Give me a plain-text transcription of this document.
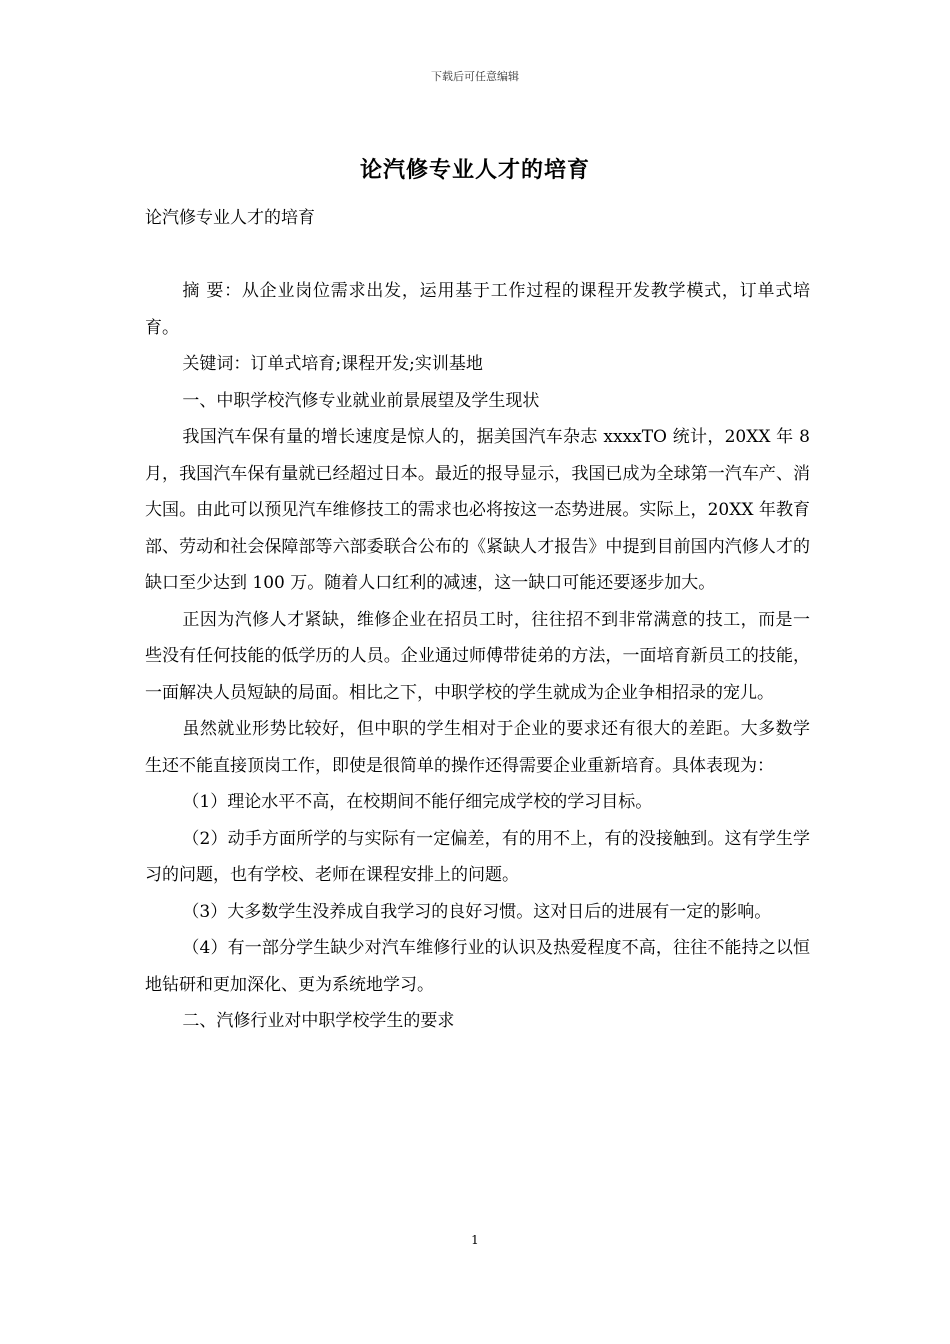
下载后可任意编辑
论汽修专业人才的培育

论汽修专业人才的培育

摘 要：从企业岗位需求出发，运用基于工作过程的课程开发教学模式，订单式培育。

关键词：订单式培育;课程开发;实训基地

一、中职学校汽修专业就业前景展望及学生现状

我国汽车保有量的增长速度是惊人的，据美国汽车杂志 xxxxTO 统计，20XX 年 8 月，我国汽车保有量就已经超过日本。最近的报导显示，我国已成为全球第一汽车产、消大国。由此可以预见汽车维修技工的需求也必将按这一态势进展。实际上，20XX 年教育部、劳动和社会保障部等六部委联合公布的《紧缺人才报告》中提到目前国内汽修人才的缺口至少达到 100 万。随着人口红利的减速，这一缺口可能还要逐步加大。

正因为汽修人才紧缺，维修企业在招员工时，往往招不到非常满意的技工，而是一些没有任何技能的低学历的人员。企业通过师傅带徒弟的方法，一面培育新员工的技能，一面解决人员短缺的局面。相比之下，中职学校的学生就成为企业争相招录的宠儿。

虽然就业形势比较好，但中职的学生相对于企业的要求还有很大的差距。大多数学生还不能直接顶岗工作，即使是很简单的操作还得需要企业重新培育。具体表现为：

（1）理论水平不高，在校期间不能仔细完成学校的学习目标。

（2）动手方面所学的与实际有一定偏差，有的用不上，有的没接触到。这有学生学习的问题，也有学校、老师在课程安排上的问题。

（3）大多数学生没养成自我学习的良好习惯。这对日后的进展有一定的影响。

（4）有一部分学生缺少对汽车维修行业的认识及热爱程度不高，往往不能持之以恒地钻研和更加深化、更为系统地学习。

二、汽修行业对中职学校学生的要求

1
